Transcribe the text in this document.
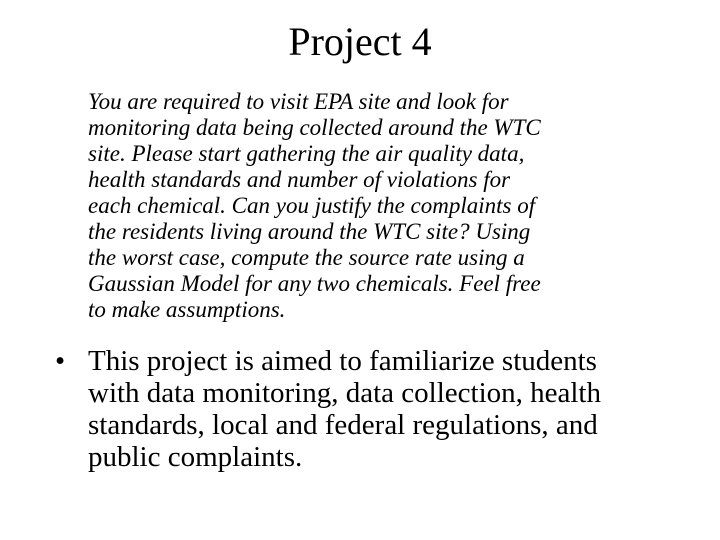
Project 4

You are required to visit EPA site and look for
monitoring data being collected around the WTC
site. Please start gathering the air quality data,
health standards and number of violations for
each chemical. Can you justify the complaints of
the residents living around the WTC site? Using
the worst case, compute the source rate using a
Gaussian Model for any two chemicals. Feel free
to make assumptions.

• This project is aimed to familiarize students
with data monitoring, data collection, health
standards, local and federal regulations, and
public complaints.
